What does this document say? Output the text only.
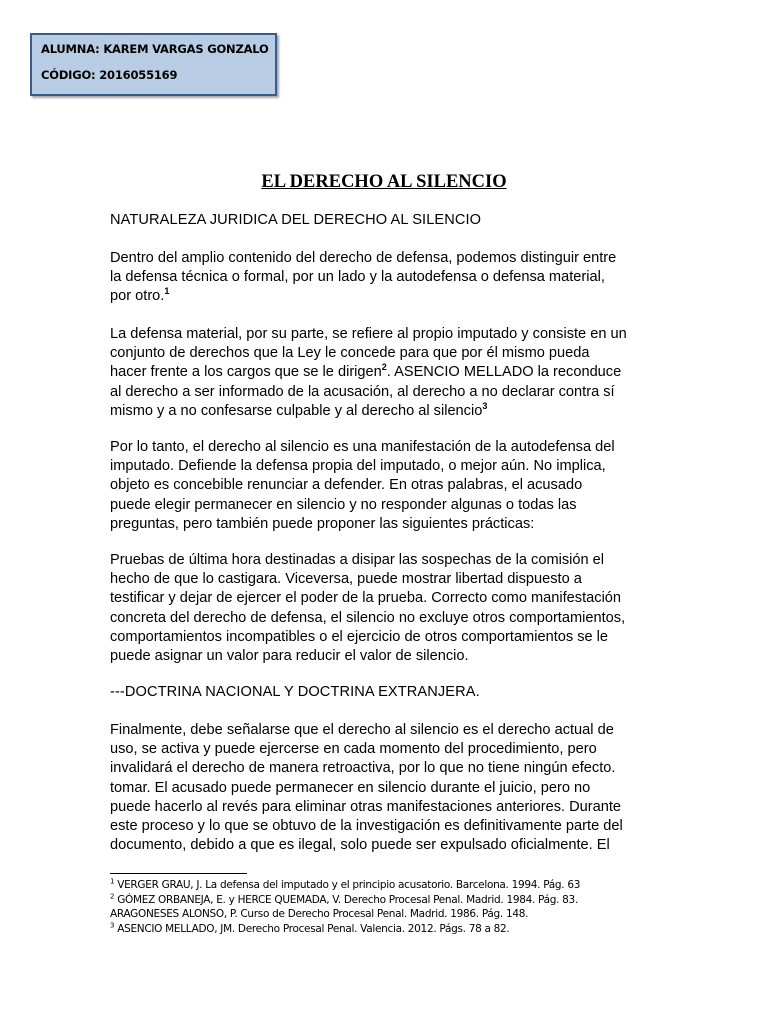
ALUMNA: KAREM VARGAS GONZALO
CÓDIGO: 2016055169
EL DERECHO AL SILENCIO
NATURALEZA JURIDICA DEL DERECHO AL SILENCIO
Dentro del amplio contenido del derecho de defensa, podemos distinguir entre
la defensa técnica o formal, por un lado y la autodefensa o defensa material,
por otro.$^1$
La defensa material, por su parte, se refiere al propio imputado y consiste en un
conjunto de derechos que la Ley le concede para que por él mismo pueda
hacer frente a los cargos que se le dirigen$^2$. ASENCIO MELLADO la reconduce
al derecho a ser informado de la acusación, al derecho a no declarar contra sí
mismo y a no confesarse culpable y al derecho al silencio$^3$
Por lo tanto, el derecho al silencio es una manifestación de la autodefensa del
imputado. Defiende la defensa propia del imputado, o mejor aún. No implica,
objeto es concebible renunciar a defender. En otras palabras, el acusado
puede elegir permanecer en silencio y no responder algunas o todas las
preguntas, pero también puede proponer las siguientes prácticas:
Pruebas de última hora destinadas a disipar las sospechas de la comisión el
hecho de que lo castigara. Viceversa, puede mostrar libertad dispuesto a
testificar y dejar de ejercer el poder de la prueba. Correcto como manifestación
concreta del derecho de defensa, el silencio no excluye otros comportamientos,
comportamientos incompatibles o el ejercicio de otros comportamientos se le
puede asignar un valor para reducir el valor de silencio.
---DOCTRINA NACIONAL Y DOCTRINA EXTRANJERA.
Finalmente, debe señalarse que el derecho al silencio es el derecho actual de
uso, se activa y puede ejercerse en cada momento del procedimiento, pero
invalidará el derecho de manera retroactiva, por lo que no tiene ningún efecto.
tomar. El acusado puede permanecer en silencio durante el juicio, pero no
puede hacerlo al revés para eliminar otras manifestaciones anteriores. Durante
este proceso y lo que se obtuvo de la investigación es definitivamente parte del
documento, debido a que es ilegal, solo puede ser expulsado oficialmente. El
$^1$ VERGER GRAU, J. La defensa del imputado y el principio acusatorio. Barcelona. 1994. Pág. 63
$^2$ GÓMEZ ORBANEJA, E. y HERCE QUEMADA, V. Derecho Procesal Penal. Madrid. 1984. Pág. 83.
ARAGONESES ALONSO, P. Curso de Derecho Procesal Penal. Madrid. 1986. Pág. 148.
$^3$ ASENCIO MELLADO, JM. Derecho Procesal Penal. Valencia. 2012. Págs. 78 a 82.
